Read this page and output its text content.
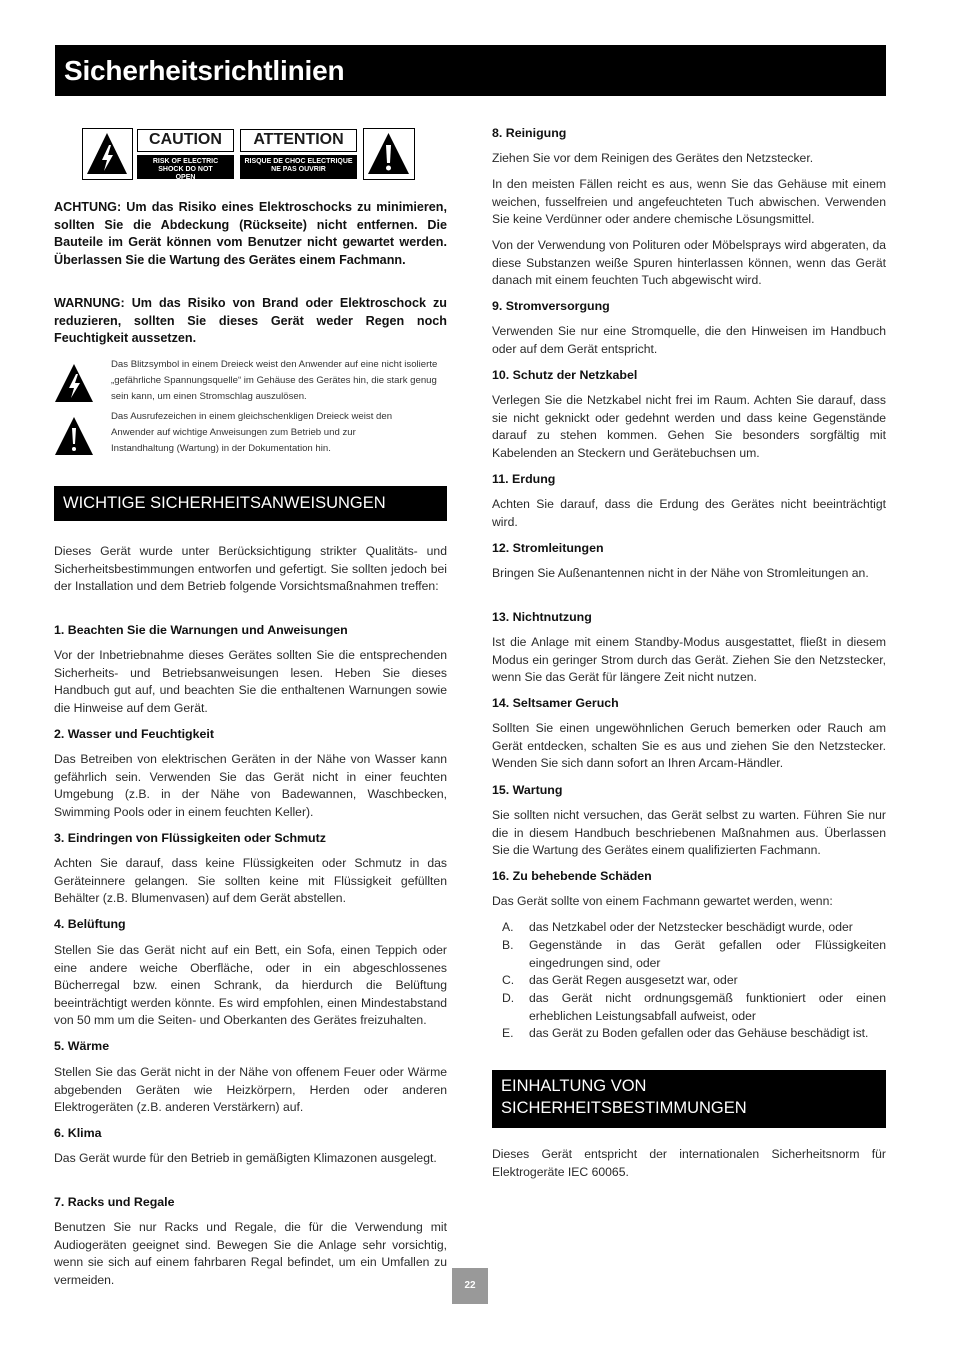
Sicherheitsrichtlinien
CAUTION	ATTENTION
RISK OF ELECTRIC SHOCK DO NOT OPEN
RISQUE DE CHOC ELECTRIQUE NE PAS OUVRIR

ACHTUNG: Um das Risiko eines Elektroschocks zu minimieren, sollten Sie die Abdeckung (Rückseite) nicht entfernen. Die Bauteile im Gerät können vom Benutzer nicht gewartet werden. Überlassen Sie die Wartung des Gerätes einem Fachmann.

WARNUNG: Um das Risiko von Brand oder Elektroschock zu reduzieren, sollten Sie dieses Gerät weder Regen noch Feuchtigkeit aussetzen.

Das Blitzsymbol in einem Dreieck weist den Anwender auf eine nicht isolierte „gefährliche Spannungsquelle“ im Gehäuse des Gerätes hin, die stark genug sein kann, um einen Stromschlag auszulösen.

Das Ausrufezeichen in einem gleichschenkligen Dreieck weist den Anwender auf wichtige Anweisungen zum Betrieb und zur Instandhaltung (Wartung) in der Dokumentation hin.

WICHTIGE SICHERHEITSANWEISUNGEN

Dieses Gerät wurde unter Berücksichtigung strikter Qualitäts- und Sicherheitsbestimmungen entworfen und gefertigt. Sie sollten jedoch bei der Installation und dem Betrieb folgende Vorsichtsmaßnahmen treffen:

1. Beachten Sie die Warnungen und Anweisungen

Vor der Inbetriebnahme dieses Gerätes sollten Sie die entsprechenden Sicherheits- und Betriebsanweisungen lesen. Heben Sie dieses Handbuch gut auf, und beachten Sie die enthaltenen Warnungen sowie die Hinweise auf dem Gerät.

2. Wasser und Feuchtigkeit

Das Betreiben von elektrischen Geräten in der Nähe von Wasser kann gefährlich sein. Verwenden Sie das Gerät nicht in einer feuchten Umgebung (z.B. in der Nähe von Badewannen, Waschbecken, Swimming Pools oder in einem feuchten Keller).

3. Eindringen von Flüssigkeiten oder Schmutz

Achten Sie darauf, dass keine Flüssigkeiten oder Schmutz in das Geräteinnere gelangen. Sie sollten keine mit Flüssigkeit gefüllten Behälter (z.B. Blumenvasen) auf dem Gerät abstellen.

4. Belüftung

Stellen Sie das Gerät nicht auf ein Bett, ein Sofa, einen Teppich oder eine andere weiche Oberfläche, oder in ein abgeschlossenes Bücherregal bzw. einen Schrank, da hierdurch die Belüftung beeinträchtigt werden könnte. Es wird empfohlen, einen Mindestabstand von 50 mm um die Seiten- und Oberkanten des Gerätes freizuhalten.

5. Wärme

Stellen Sie das Gerät nicht in der Nähe von offenem Feuer oder Wärme abgebenden Geräten wie Heizkörpern, Herden oder anderen Elektrogeräten (z.B. anderen Verstärkern) auf.

6. Klima

Das Gerät wurde für den Betrieb in gemäßigten Klimazonen ausgelegt.

7. Racks und Regale

Benutzen Sie nur Racks und Regale, die für die Verwendung mit Audiogeräten geeignet sind. Bewegen Sie die Anlage sehr vorsichtig, wenn sie sich auf einem fahrbaren Regal befindet, um ein Umfallen zu vermeiden.

8. Reinigung

Ziehen Sie vor dem Reinigen des Gerätes den Netzstecker.

In den meisten Fällen reicht es aus, wenn Sie das Gehäuse mit einem weichen, fusselfreien und angefeuchteten Tuch abwischen. Verwenden Sie keine Verdünner oder andere chemische Lösungsmittel.

Von der Verwendung von Polituren oder Möbelsprays wird abgeraten, da diese Substanzen weiße Spuren hinterlassen können, wenn das Gerät danach mit einem feuchten Tuch abgewischt wird.

9. Stromversorgung

Verwenden Sie nur eine Stromquelle, die den Hinweisen im Handbuch oder auf dem Gerät entspricht.

10. Schutz der Netzkabel

Verlegen Sie die Netzkabel nicht frei im Raum. Achten Sie darauf, dass sie nicht geknickt oder gedehnt werden und dass keine Gegenstände darauf zu stehen kommen. Gehen Sie besonders sorgfältig mit Kabelenden an Steckern und Gerätebuchsen um.

11. Erdung

Achten Sie darauf, dass die Erdung des Gerätes nicht beeinträchtigt wird.

12. Stromleitungen

Bringen Sie Außenantennen nicht in der Nähe von Stromleitungen an.

13. Nichtnutzung

Ist die Anlage mit einem Standby-Modus ausgestattet, fließt in diesem Modus ein geringer Strom durch das Gerät. Ziehen Sie den Netzstecker, wenn Sie das Gerät für längere Zeit nicht nutzen.

14. Seltsamer Geruch

Sollten Sie einen ungewöhnlichen Geruch bemerken oder Rauch am Gerät entdecken, schalten Sie es aus und ziehen Sie den Netzstecker. Wenden Sie sich dann sofort an Ihren Arcam-Händler.

15. Wartung

Sie sollten nicht versuchen, das Gerät selbst zu warten. Führen Sie nur die in diesem Handbuch beschriebenen Maßnahmen aus. Überlassen Sie die Wartung des Gerätes einem qualifizierten Fachmann.

16. Zu behebende Schäden

Das Gerät sollte von einem Fachmann gewartet werden, wenn:

A. das Netzkabel oder der Netzstecker beschädigt wurde, oder
B. Gegenstände in das Gerät gefallen oder Flüssigkeiten eingedrungen sind, oder
C. das Gerät Regen ausgesetzt war, oder
D. das Gerät nicht ordnungsgemäß funktioniert oder einen erheblichen Leistungsabfall aufweist, oder
E. das Gerät zu Boden gefallen oder das Gehäuse beschädigt ist.
EINHALTUNG VON
SICHERHEITSBESTIMMUNGEN

Dieses Gerät entspricht der internationalen Sicherheitsnorm für Elektrogeräte IEC 60065.

22
